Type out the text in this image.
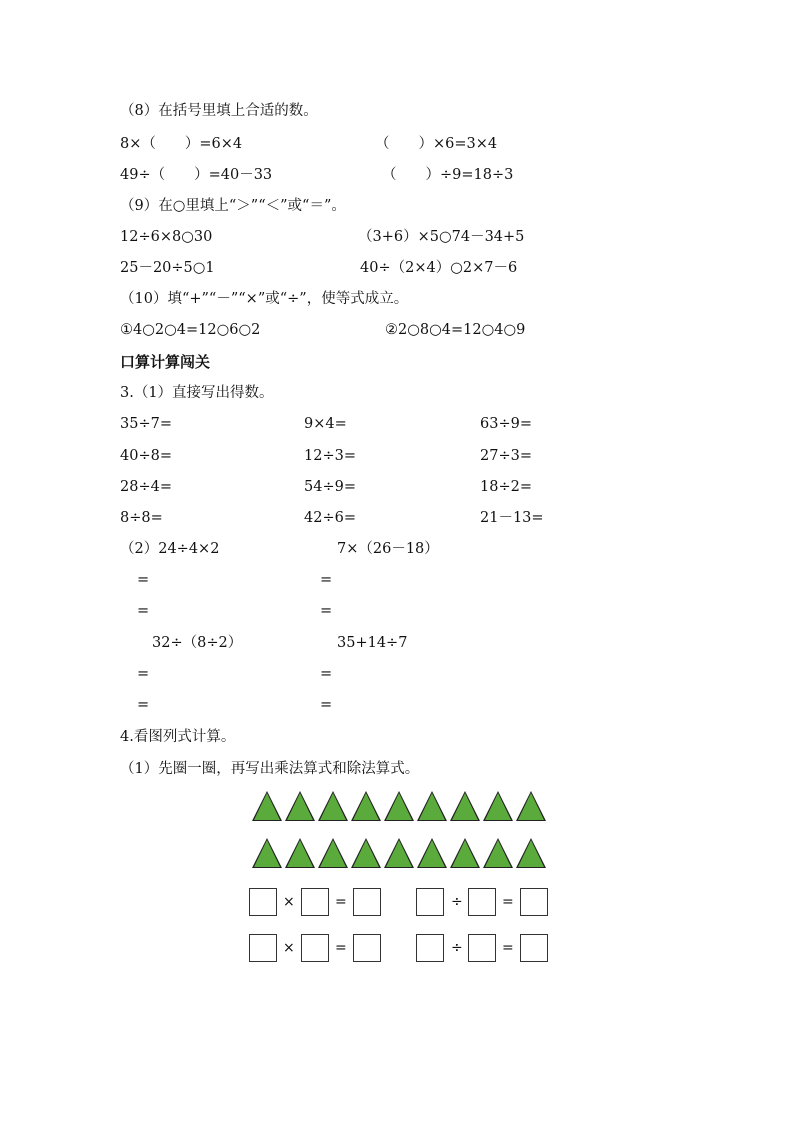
（8）在括号里填上合适的数。
8×（　　）=6×4	（　　）×6=3×4
49÷（　　）=40－33	（　　）÷9=18÷3
（9）在○里填上“＞”“＜”或“＝”。
12÷6×8○30	（3+6）×5○74－34+5
25－20÷5○1	40÷（2×4）○2×7－6
（10）填“+”“－”“×”或“÷”，使等式成立。
①4○2○4=12○6○2	②2○8○4=12○4○9
口算计算闯关
3.（1）直接写出得数。
35÷7=	9×4=	63÷9=
40÷8=	12÷3=	27÷3=
28÷4=	54÷9=	18÷2=
8÷8=	42÷6=	21－13=
（2）24÷4×2	7×（26－18）
=	=
=	=
32÷（8÷2）	35+14÷7
=	=
=	=
4.看图列式计算。
（1）先圈一圈，再写出乘法算式和除法算式。
×	=	÷	=
×	=	÷	=
